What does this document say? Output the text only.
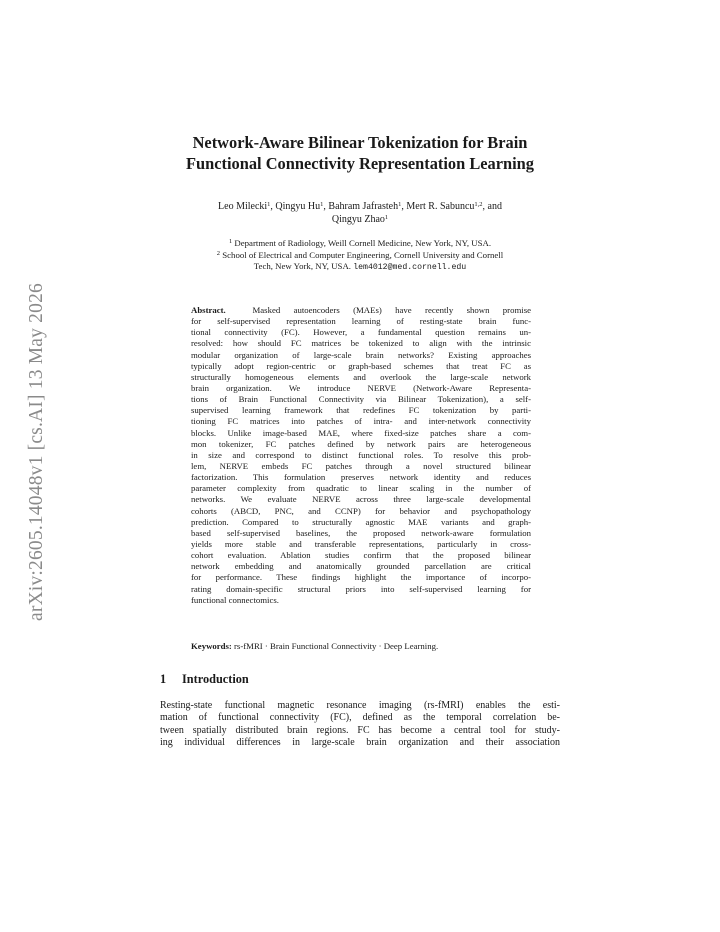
arXiv:2605.14048v1 [cs.AI] 13 May 2026
Network-Aware Bilinear Tokenization for Brain
Functional Connectivity Representation Learning
Leo Milecki$^1$, Qingyu Hu$^1$, Bahram Jafrasteh$^1$, Mert R. Sabuncu$^{1,2}$, and
Qingyu Zhao$^1$
$^1$ Department of Radiology, Weill Cornell Medicine, New York, NY, USA.
$^2$ School of Electrical and Computer Engineering, Cornell University and Cornell
Tech, New York, NY, USA. lem4012@med.cornell.edu
Abstract.	Masked autoencoders (MAEs) have recently shown promise
for self-supervised representation learning of resting-state brain func-
tional connectivity (FC). However, a fundamental question remains un-
resolved: how should FC matrices be tokenized to align with the intrinsic
modular organization of large-scale brain networks? Existing approaches
typically adopt region-centric or graph-based schemes that treat FC as
structurally homogeneous elements and overlook the large-scale network
brain organization. We introduce NERVE (Network-Aware Representa-
tions of Brain Functional Connectivity via Bilinear Tokenization), a self-
supervised learning framework that redefines FC tokenization by parti-
tioning FC matrices into patches of intra- and inter-network connectivity
blocks. Unlike image-based MAE, where fixed-size patches share a com-
mon tokenizer, FC patches defined by network pairs are heterogeneous
in size and correspond to distinct functional roles. To resolve this prob-
lem, NERVE embeds FC patches through a novel structured bilinear
factorization. This formulation preserves network identity and reduces
parameter complexity from quadratic to linear scaling in the number of
networks. We evaluate NERVE across three large-scale developmental
cohorts (ABCD, PNC, and CCNP) for behavior and psychopathology
prediction. Compared to structurally agnostic MAE variants and graph-
based self-supervised baselines, the proposed network-aware formulation
yields more stable and transferable representations, particularly in cross-
cohort evaluation. Ablation studies confirm that the proposed bilinear
network embedding and anatomically grounded parcellation are critical
for performance. These findings highlight the importance of incorpo-
rating domain-specific structural priors into self-supervised learning for
functional connectomics.
Keywords: rs-fMRI · Brain Functional Connectivity · Deep Learning.
1 Introduction
Resting-state functional magnetic resonance imaging (rs-fMRI) enables the esti-
mation of functional connectivity (FC), defined as the temporal correlation be-
tween spatially distributed brain regions. FC has become a central tool for study-
ing individual differences in large-scale brain organization and their association
